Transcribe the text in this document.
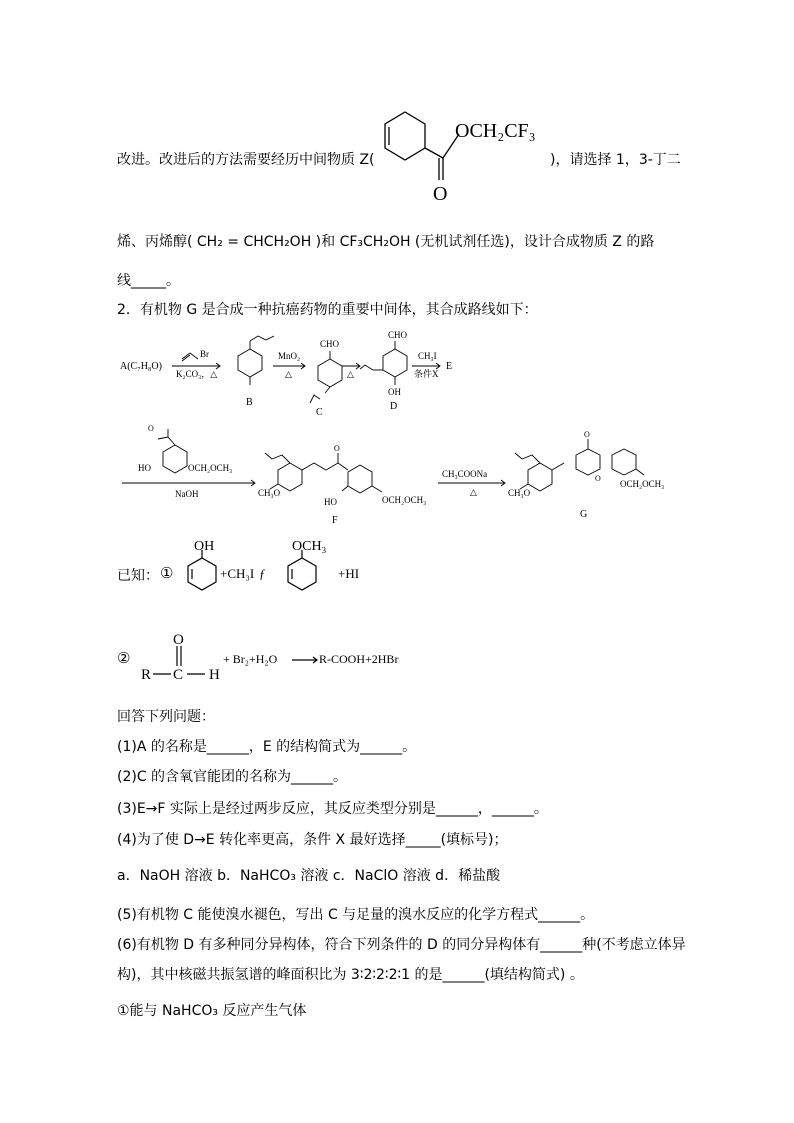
改进。改进后的方法需要经历中间物质 Z(
OCH₂CF₃
O
)，请选择 1，3-丁二
烯、丙烯醇( CH₂ = CHCH₂OH )和 CF₃CH₂OH (无机试剂任选)，设计合成物质 Z 的路
线_____。
2．有机物 G 是合成一种抗癌药物的重要中间体，其合成路线如下：
A(C₇H₈O)
Br
K₂CO₃，△
B
MnO₂
△
CHO
C
△
CHO
OH
D
CH₃I
条件X
E
O
HO	OCH₂OCH₃
NaOH	CH₃O
O
HO	OCH₂OCH₃
F
CH₃COONa
△	CH₃O
O
O
OCH₂OCH₃
G
已知： ①
OH
+CH₃I ƒ
OCH₃
+HI
②
O
R C H
+ Br₂+H₂O	R-COOH+2HBr
回答下列问题：
(1)A 的名称是______，E 的结构简式为______。
(2)C 的含氧官能团的名称为______。
(3)E→F 实际上是经过两步反应，其反应类型分别是______，______。
(4)为了使 D→E 转化率更高，条件 X 最好选择_____(填标号)；
a．NaOH 溶液 b．NaHCO₃ 溶液 c．NaClO 溶液 d．稀盐酸
(5)有机物 C 能使溴水褪色，写出 C 与足量的溴水反应的化学方程式______。
(6)有机物 D 有多种同分异构体，符合下列条件的 D 的同分异构体有______种(不考虑立体异
构)，其中核磁共振氢谱的峰面积比为 3∶2∶2∶2∶1 的是______(填结构简式) 。
①能与 NaHCO₃ 反应产生气体
